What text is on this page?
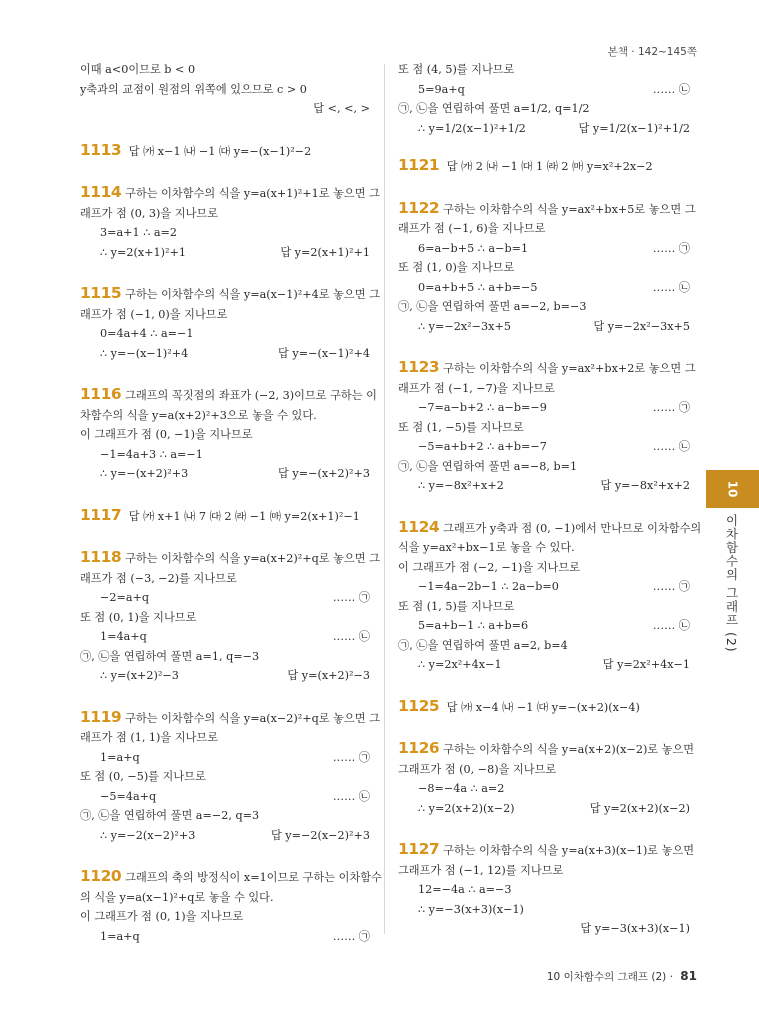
본책 · 142~145쪽
이때 a<0이므로 b < 0
y축과의 교점이 원점의 위쪽에 있으므로 c > 0
답 <, <, >
1113 답 ㈎ x−1 ㈏ −1 ㈐ y=−(x−1)²−2
1114 구하는 이차함수의 식을 y=a(x+1)²+1로 놓으면 그
래프가 점 (0, 3)을 지나므로
3=a+1 ∴ a=2
∴ y=2(x+1)²+1	답 y=2(x+1)²+1
1115 구하는 이차함수의 식을 y=a(x−1)²+4로 놓으면 그
래프가 점 (−1, 0)을 지나므로
0=4a+4 ∴ a=−1
∴ y=−(x−1)²+4	답 y=−(x−1)²+4
1116 그래프의 꼭짓점의 좌표가 (−2, 3)이므로 구하는 이
차함수의 식을 y=a(x+2)²+3으로 놓을 수 있다.
이 그래프가 점 (0, −1)을 지나므로
−1=4a+3 ∴ a=−1
∴ y=−(x+2)²+3	답 y=−(x+2)²+3
1117 답 ㈎ x+1 ㈏ 7 ㈐ 2 ㈑ −1 ㈒ y=2(x+1)²−1
1118 구하는 이차함수의 식을 y=a(x+2)²+q로 놓으면 그
래프가 점 (−3, −2)를 지나므로
−2=a+q	…… ㉠
또 점 (0, 1)을 지나므로
1=4a+q	…… ㉡
㉠, ㉡을 연립하여 풀면 a=1, q=−3
∴ y=(x+2)²−3	답 y=(x+2)²−3
1119 구하는 이차함수의 식을 y=a(x−2)²+q로 놓으면 그
래프가 점 (1, 1)을 지나므로
1=a+q	…… ㉠
또 점 (0, −5)를 지나므로
−5=4a+q	…… ㉡
㉠, ㉡을 연립하여 풀면 a=−2, q=3
∴ y=−2(x−2)²+3	답 y=−2(x−2)²+3
1120 그래프의 축의 방정식이 x=1이므로 구하는 이차함수
의 식을 y=a(x−1)²+q로 놓을 수 있다.
이 그래프가 점 (0, 1)을 지나므로
1=a+q	…… ㉠
또 점 (4, 5)를 지나므로
5=9a+q	…… ㉡
㉠, ㉡을 연립하여 풀면 a=1/2, q=1/2
∴ y=1/2(x−1)²+1/2	답 y=1/2(x−1)²+1/2
1121 답 ㈎ 2 ㈏ −1 ㈐ 1 ㈑ 2 ㈒ y=x²+2x−2
1122 구하는 이차함수의 식을 y=ax²+bx+5로 놓으면 그
래프가 점 (−1, 6)을 지나므로
6=a−b+5 ∴ a−b=1	…… ㉠
또 점 (1, 0)을 지나므로
0=a+b+5 ∴ a+b=−5	…… ㉡
㉠, ㉡을 연립하여 풀면 a=−2, b=−3
∴ y=−2x²−3x+5	답 y=−2x²−3x+5
1123 구하는 이차함수의 식을 y=ax²+bx+2로 놓으면 그
래프가 점 (−1, −7)을 지나므로
−7=a−b+2 ∴ a−b=−9	…… ㉠
또 점 (1, −5)를 지나므로
−5=a+b+2 ∴ a+b=−7	…… ㉡
㉠, ㉡을 연립하여 풀면 a=−8, b=1
∴ y=−8x²+x+2	답 y=−8x²+x+2
1124 그래프가 y축과 점 (0, −1)에서 만나므로 이차함수의
식을 y=ax²+bx−1로 놓을 수 있다.
이 그래프가 점 (−2, −1)을 지나므로
−1=4a−2b−1 ∴ 2a−b=0	…… ㉠
또 점 (1, 5)를 지나므로
5=a+b−1 ∴ a+b=6	…… ㉡
㉠, ㉡을 연립하여 풀면 a=2, b=4
∴ y=2x²+4x−1	답 y=2x²+4x−1
1125 답 ㈎ x−4 ㈏ −1 ㈐ y=−(x+2)(x−4)
1126 구하는 이차함수의 식을 y=a(x+2)(x−2)로 놓으면
그래프가 점 (0, −8)을 지나므로
−8=−4a ∴ a=2
∴ y=2(x+2)(x−2)	답 y=2(x+2)(x−2)
1127 구하는 이차함수의 식을 y=a(x+3)(x−1)로 놓으면
그래프가 점 (−1, 12)를 지나므로
12=−4a ∴ a=−3
∴ y=−3(x+3)(x−1)
답 y=−3(x+3)(x−1)
10
이차함수의 그래프 (2)
10 이차함수의 그래프 (2) · 81
